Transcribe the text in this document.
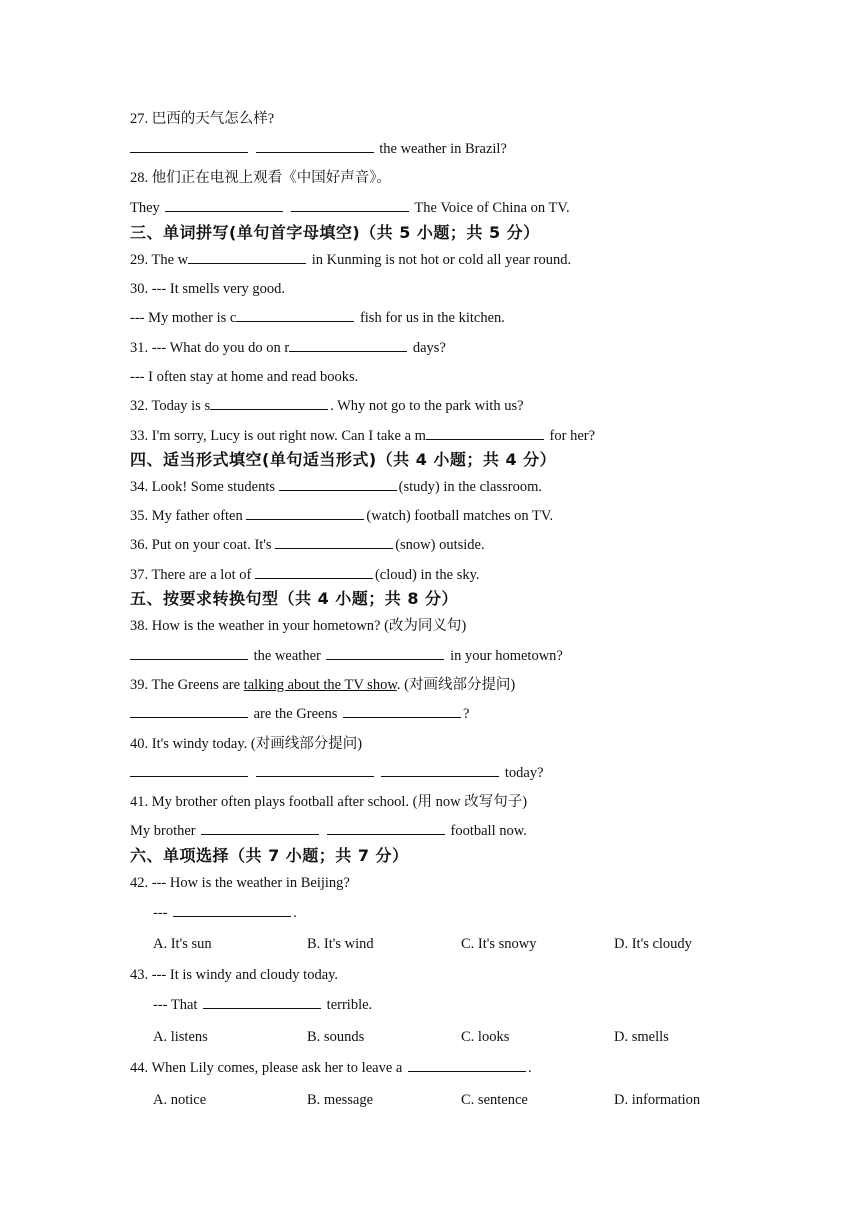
27. 巴西的天气怎么样?
the weather in Brazil?
28. 他们正在电视上观看《中国好声音》。
They	The Voice of China on TV.
三、单词拼写(单句首字母填空)（共 5 小题；共 5 分）
29. The w	in Kunming is not hot or cold all year round.
30. --- It smells very good.
--- My mother is c	fish for us in the kitchen.
31. --- What do you do on r	days?
--- I often stay at home and read books.
32. Today is s	. Why not go to the park with us?
33. I'm sorry, Lucy is out right now. Can I take a m	for her?
四、适当形式填空(单句适当形式)（共 4 小题；共 4 分）
34. Look! Some students	(study) in the classroom.
35. My father often	(watch) football matches on TV.
36. Put on your coat. It's	(snow) outside.
37. There are a lot of	(cloud) in the sky.
五、按要求转换句型（共 4 小题；共 8 分）
38. How is the weather in your hometown? (改为同义句)
the weather	in your hometown?
39. The Greens are talking about the TV show. (对画线部分提问)
are the Greens	?
40. It's windy today. (对画线部分提问)
today?
41. My brother often plays football after school. (用 now 改写句子)
My brother	football now.
六、单项选择（共 7 小题；共 7 分）
42. --- How is the weather in Beijing?
---	.
A. It's sun	B. It's wind	C. It's snowy	D. It's cloudy
43. --- It is windy and cloudy today.
--- That	terrible.
A. listens	B. sounds	C. looks	D. smells
44. When Lily comes, please ask her to leave a	.
A. notice	B. message	C. sentence	D. information
